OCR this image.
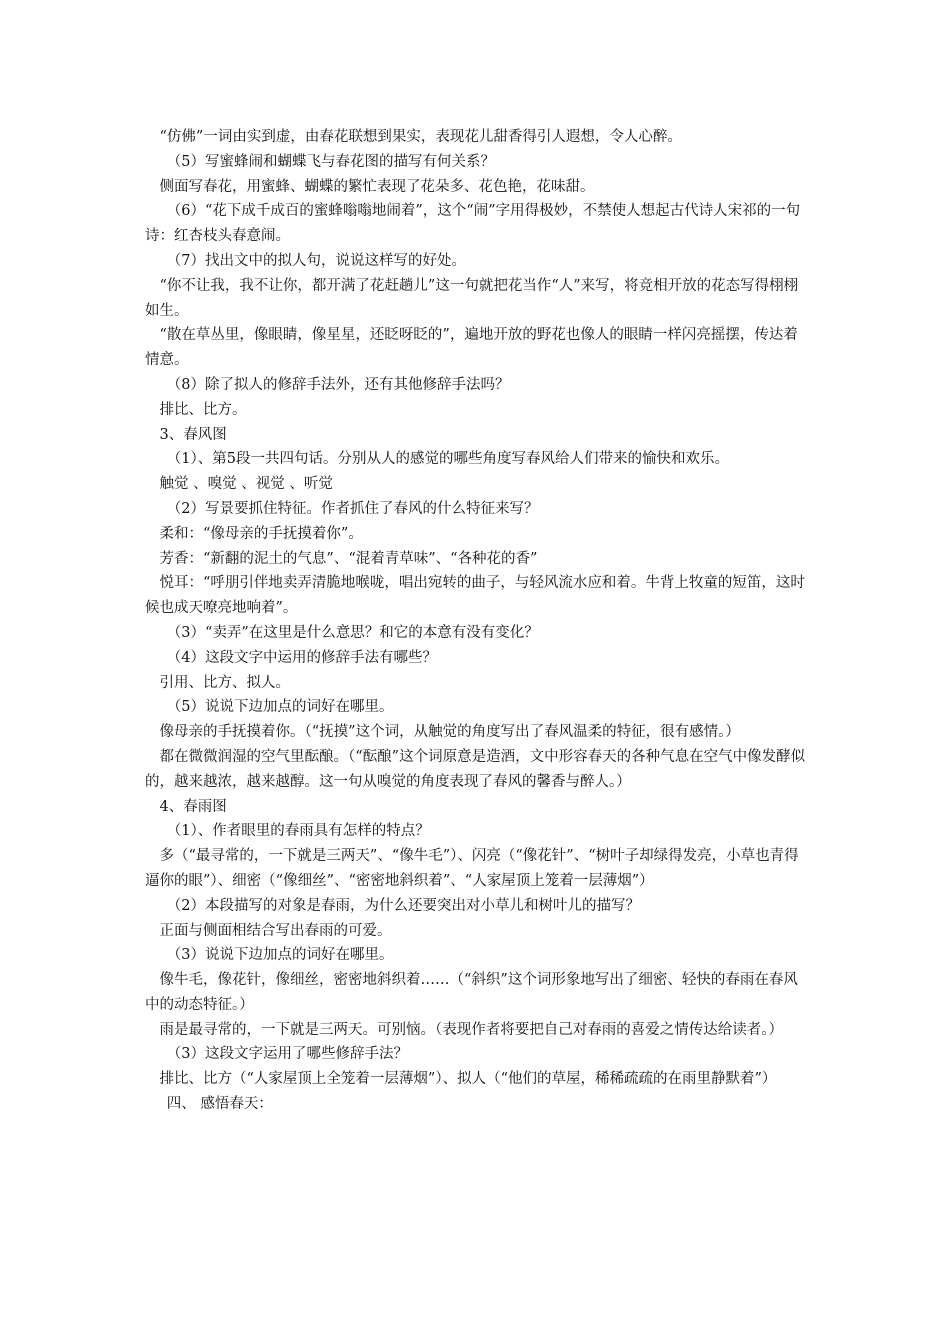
“仿佛”一词由实到虚，由春花联想到果实，表现花儿甜香得引人遐想，令人心醉。

（5）写蜜蜂闹和蝴蝶飞与春花图的描写有何关系？

侧面写春花，用蜜蜂、蝴蝶的繁忙表现了花朵多、花色艳，花味甜。

（6）“花下成千成百的蜜蜂嗡嗡地闹着”，这个“闹”字用得极妙，不禁使人想起古代诗人宋祁的一句诗：红杏枝头春意闹。

（7）找出文中的拟人句，说说这样写的好处。

“你不让我，我不让你，都开满了花赶趟儿”这一句就把花当作“人”来写，将竞相开放的花态写得栩栩如生。

“散在草丛里，像眼睛，像星星，还眨呀眨的”，遍地开放的野花也像人的眼睛一样闪亮摇摆，传达着情意。

（8）除了拟人的修辞手法外，还有其他修辞手法吗？

排比、比方。

3、春风图

（1）、第5段一共四句话。分别从人的感觉的哪些角度写春风给人们带来的愉快和欢乐。

触觉 、嗅觉 、视觉 、听觉

（2）写景要抓住特征。作者抓住了春风的什么特征来写？

柔和：“像母亲的手抚摸着你”。

芳香：“新翻的泥土的气息”、“混着青草味”、“各种花的香”

悦耳：“呼朋引伴地卖弄清脆地喉咙，唱出宛转的曲子，与轻风流水应和着。牛背上牧童的短笛，这时候也成天嘹亮地响着”。

（3）“卖弄”在这里是什么意思？和它的本意有没有变化？

（4）这段文字中运用的修辞手法有哪些？

引用、比方、拟人。

（5）说说下边加点的词好在哪里。

像母亲的手抚摸着你。（“抚摸”这个词，从触觉的角度写出了春风温柔的特征，很有感情。）

都在微微润湿的空气里酝酿。（“酝酿”这个词原意是造酒，文中形容春天的各种气息在空气中像发酵似的，越来越浓，越来越醇。这一句从嗅觉的角度表现了春风的馨香与醉人。）

4、春雨图

（1）、作者眼里的春雨具有怎样的特点？

多（“最寻常的，一下就是三两天”、“像牛毛”）、闪亮（“像花针”、“树叶子却绿得发亮，小草也青得逼你的眼”）、细密（“像细丝”、“密密地斜织着”、“人家屋顶上笼着一层薄烟”）

（2）本段描写的对象是春雨，为什么还要突出对小草儿和树叶儿的描写？

正面与侧面相结合写出春雨的可爱。

（3）说说下边加点的词好在哪里。

像牛毛，像花针，像细丝，密密地斜织着……（“斜织”这个词形象地写出了细密、轻快的春雨在春风中的动态特征。）

雨是最寻常的，一下就是三两天。可别恼。（表现作者将要把自己对春雨的喜爱之情传达给读者。）

（3）这段文字运用了哪些修辞手法？

排比、比方（“人家屋顶上全笼着一层薄烟”）、拟人（“他们的草屋，稀稀疏疏的在雨里静默着”）

四、 感悟春天：
